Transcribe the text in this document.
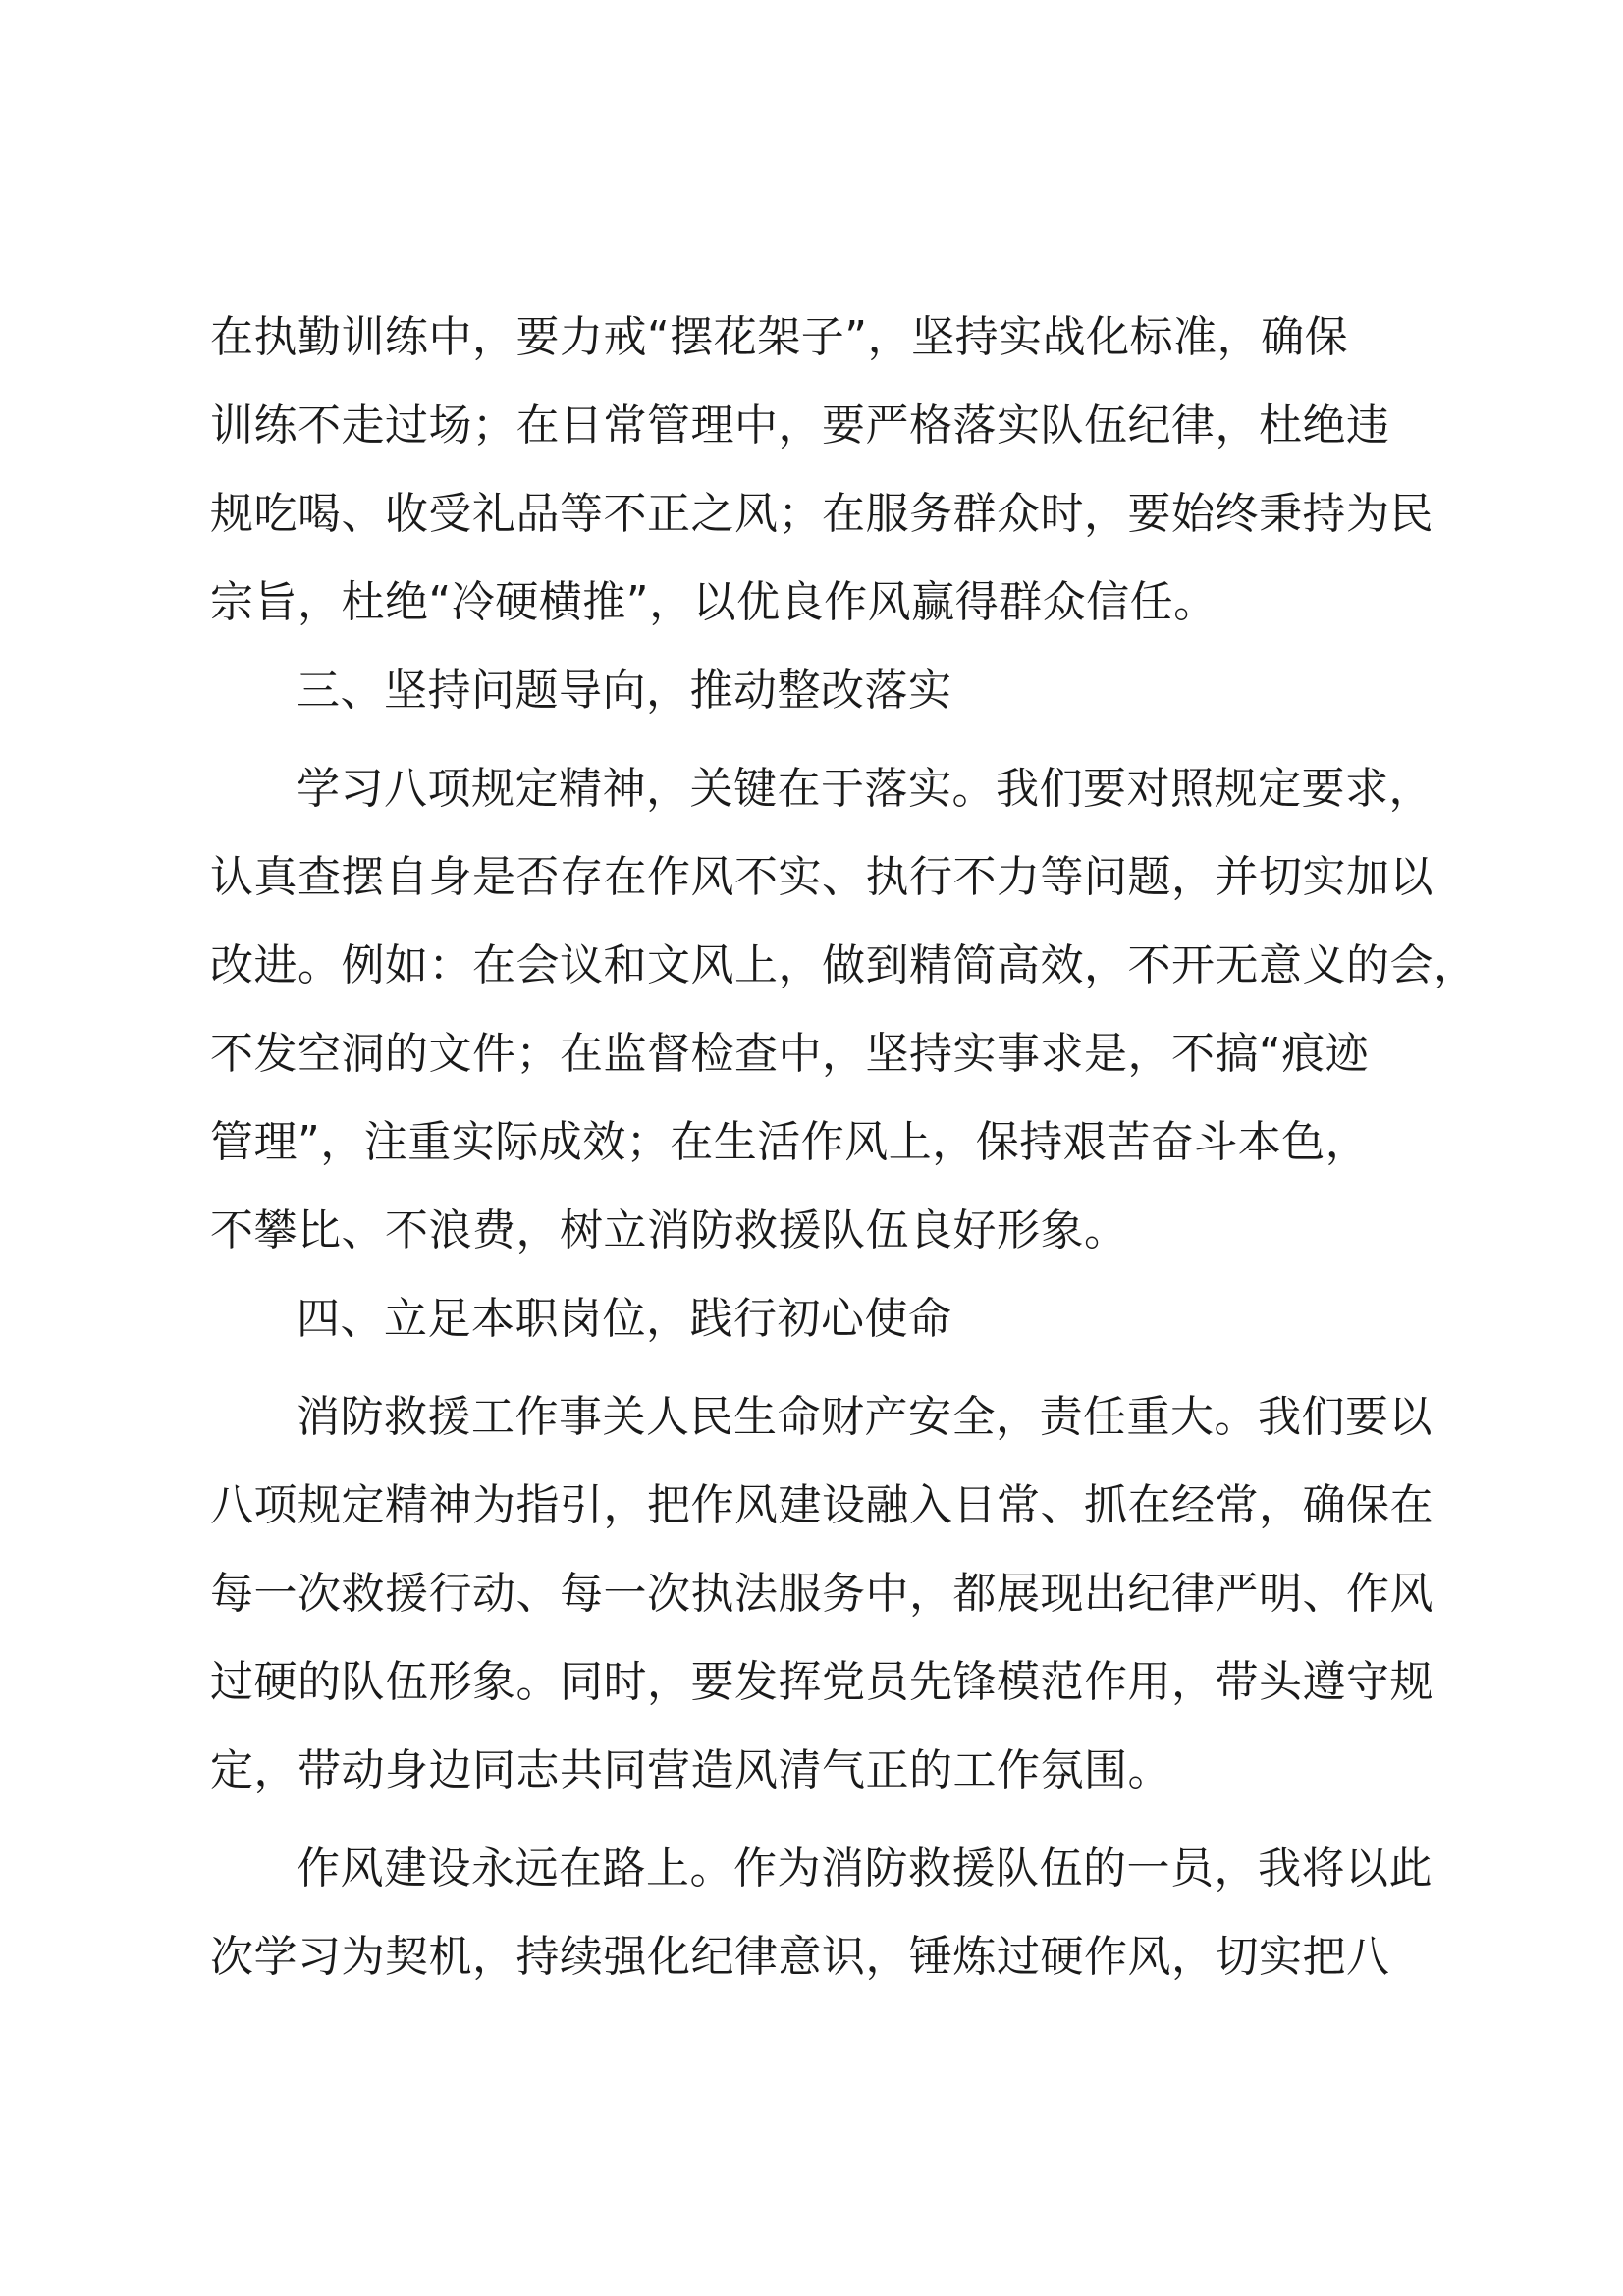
在执勤训练中，要力戒“摆花架子”，坚持实战化标准，确保
训练不走过场；在日常管理中，要严格落实队伍纪律，杜绝违
规吃喝、收受礼品等不正之风；在服务群众时，要始终秉持为民
宗旨，杜绝“冷硬横推”，以优良作风赢得群众信任。
三、坚持问题导向，推动整改落实
学习八项规定精神，关键在于落实。我们要对照规定要求，
认真查摆自身是否存在作风不实、执行不力等问题，并切实加以
改进。例如：在会议和文风上，做到精简高效，不开无意义的会，
不发空洞的文件；在监督检查中，坚持实事求是，不搞“痕迹
管理”，注重实际成效；在生活作风上，保持艰苦奋斗本色，
不攀比、不浪费，树立消防救援队伍良好形象。
四、立足本职岗位，践行初心使命
消防救援工作事关人民生命财产安全，责任重大。我们要以
八项规定精神为指引，把作风建设融入日常、抓在经常，确保在
每一次救援行动、每一次执法服务中，都展现出纪律严明、作风
过硬的队伍形象。同时，要发挥党员先锋模范作用，带头遵守规
定，带动身边同志共同营造风清气正的工作氛围。
作风建设永远在路上。作为消防救援队伍的一员，我将以此
次学习为契机，持续强化纪律意识，锤炼过硬作风，切实把八
